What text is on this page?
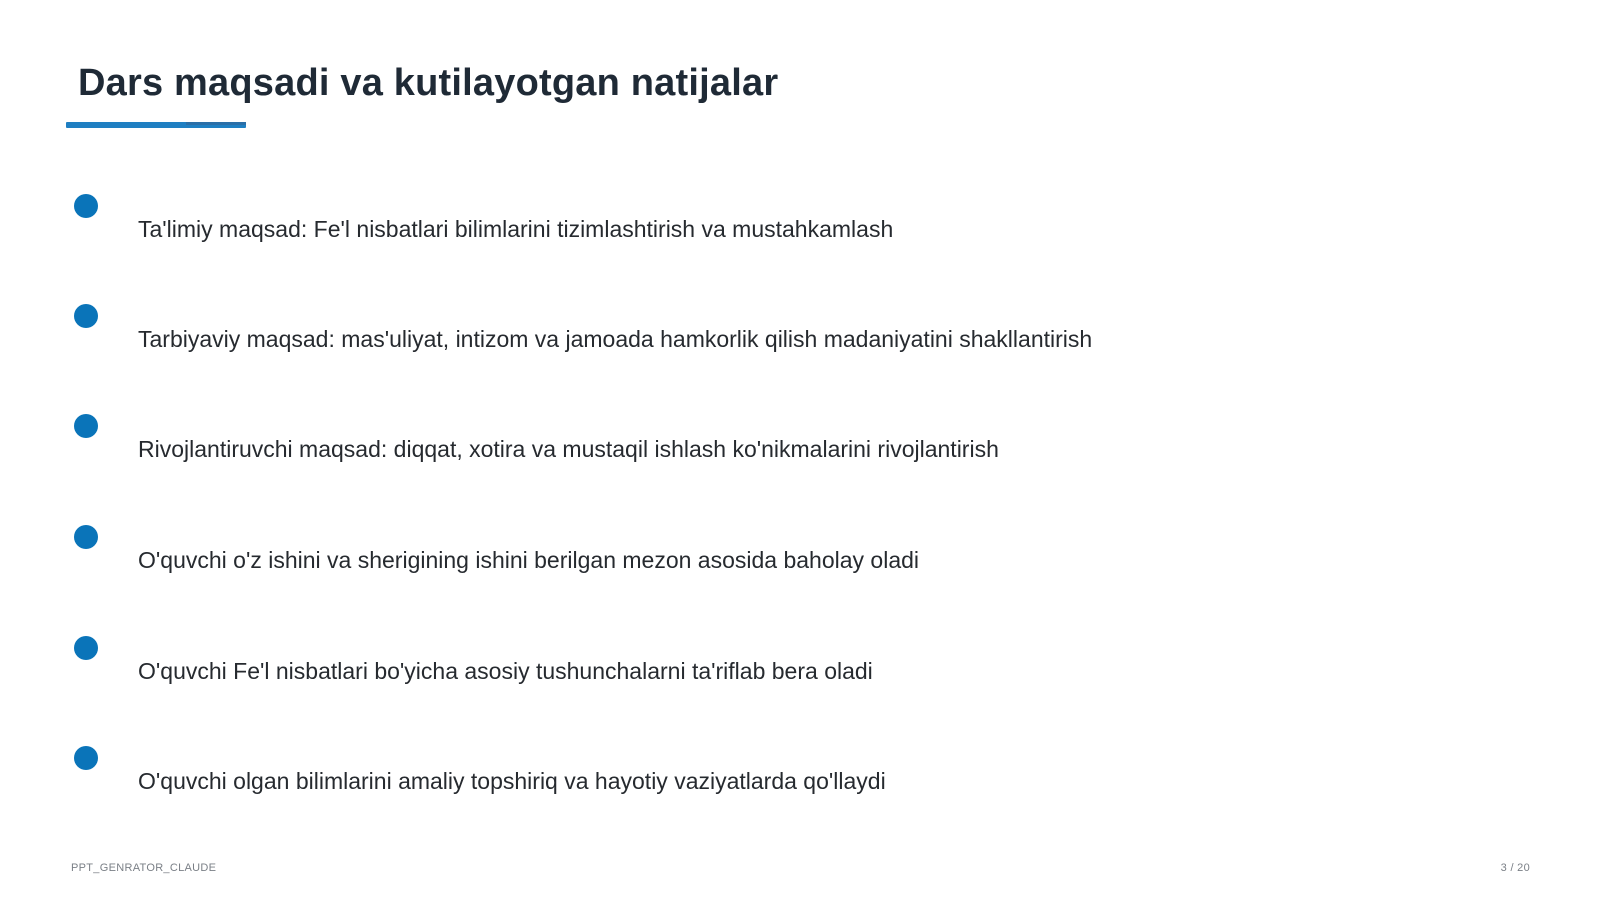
Dars maqsadi va kutilayotgan natijalar
Ta'limiy maqsad: Fe'l nisbatlari bilimlarini tizimlashtirish va mustahkamlash
Tarbiyaviy maqsad: mas'uliyat, intizom va jamoada hamkorlik qilish madaniyatini shakllantirish
Rivojlantiruvchi maqsad: diqqat, xotira va mustaqil ishlash ko'nikmalarini rivojlantirish
O'quvchi o'z ishini va sherigining ishini berilgan mezon asosida baholay oladi
O'quvchi Fe'l nisbatlari bo'yicha asosiy tushunchalarni ta'riflab bera oladi
O'quvchi olgan bilimlarini amaliy topshiriq va hayotiy vaziyatlarda qo'llaydi
PPT_GENRATOR_CLAUDE	3 / 20
